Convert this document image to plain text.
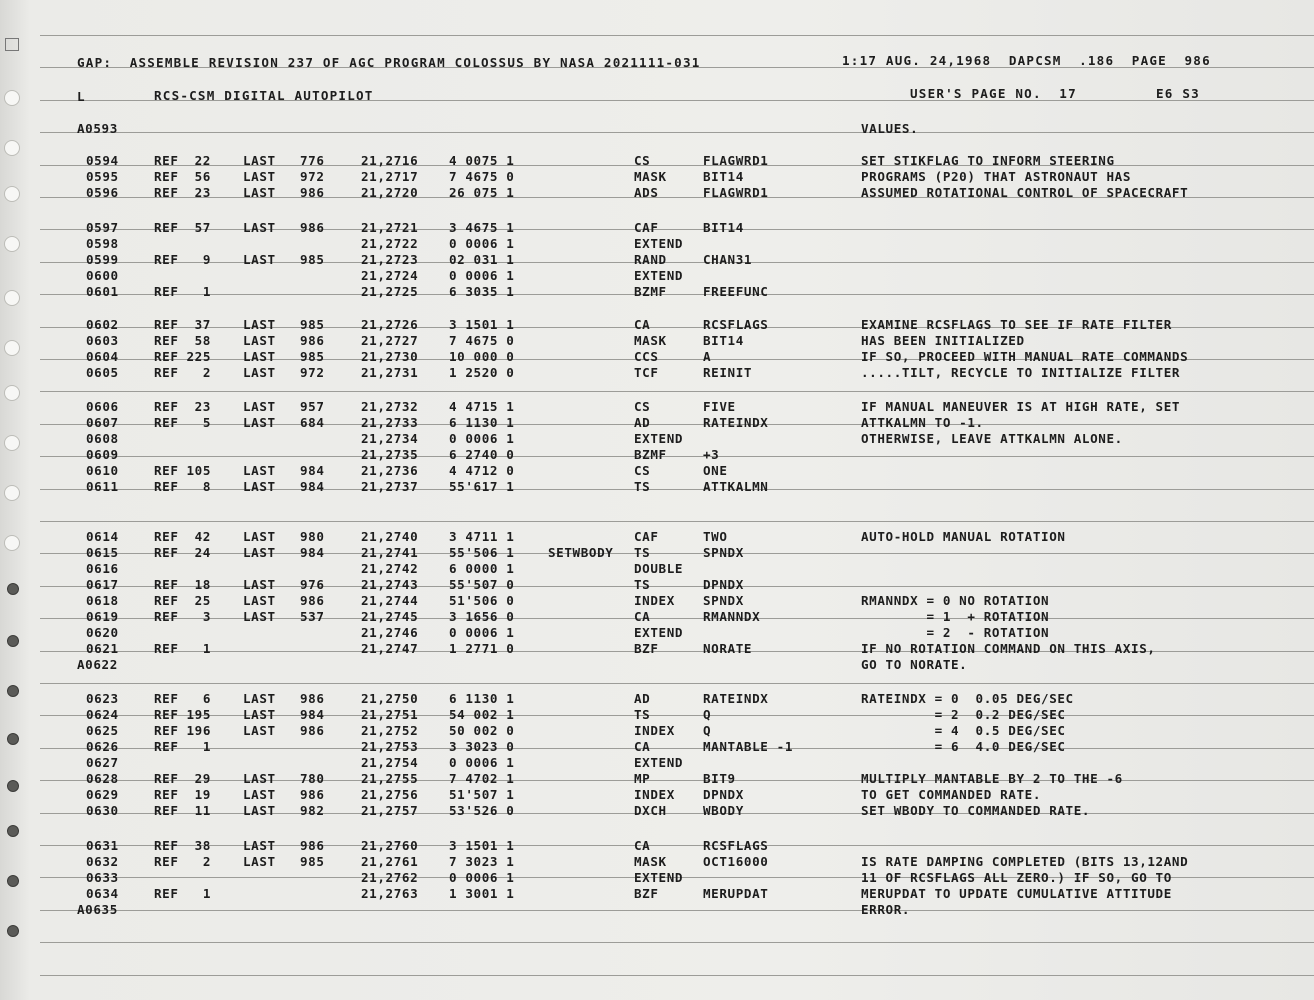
GAP:  ASSEMBLE REVISION 237 OF AGC PROGRAM COLOSSUS BY NASA 2021111-031	1:17 AUG. 24,1968  DAPCSM  .186  PAGE  986
L	RCS-CSM DIGITAL AUTOPILOT	USER'S PAGE NO.  17	E6 S3
A0593	VALUES.
0594	REF 22	LAST 776	21,2716 4 0075 1	CS	FLAGWRD1	SET STIKFLAG TO INFORM STEERING
0595	REF 56	LAST 972	21,2717 7 4675 0	MASK	BIT14	PROGRAMS (P20) THAT ASTRONAUT HAS
0596	REF 23	LAST 986	21,2720 26 075 1	ADS	FLAGWRD1	ASSUMED ROTATIONAL CONTROL OF SPACECRAFT
0597	REF 57	LAST 986	21,2721 3 4675 1	CAF	BIT14
0598	21,2722 0 0006 1	EXTEND
0599	REF 9	LAST 985	21,2723 02 031 1	RAND	CHAN31
0600	21,2724 0 0006 1	EXTEND
0601	REF 1	21,2725 6 3035 1	BZMF	FREEFUNC
0602	REF 37	LAST 985	21,2726 3 1501 1	CA	RCSFLAGS	EXAMINE RCSFLAGS TO SEE IF RATE FILTER
0603	REF 58	LAST 986	21,2727 7 4675 0	MASK	BIT14	HAS BEEN INITIALIZED
0604	REF 225	LAST 985	21,2730 10 000 0	CCS	A	IF SO, PROCEED WITH MANUAL RATE COMMANDS
0605	REF 2	LAST 972	21,2731 1 2520 0	TCF	REINIT	.....TILT, RECYCLE TO INITIALIZE FILTER
0606	REF 23	LAST 957	21,2732 4 4715 1	CS	FIVE	IF MANUAL MANEUVER IS AT HIGH RATE, SET
0607	REF 5	LAST 684	21,2733 6 1130 1	AD	RATEINDX	ATTKALMN TO -1.
0608	21,2734 0 0006 1	EXTEND	OTHERWISE, LEAVE ATTKALMN ALONE.
0609	21,2735 6 2740 0	BZMF	+3
0610	REF 105	LAST 984	21,2736 4 4712 0	CS	ONE
0611	REF 8	LAST 984	21,2737 55'617 1	TS	ATTKALMN
0614	REF 42	LAST 980	21,2740 3 4711 1	CAF	TWO	AUTO-HOLD MANUAL ROTATION
0615	REF 24	LAST 984	21,2741 55'506 1	SETWBODY TS	SPNDX
0616	21,2742 6 0000 1	DOUBLE
0617	REF 18	LAST 976	21,2743 55'507 0	TS	DPNDX
0618	REF 25	LAST 986	21,2744 51'506 0	INDEX SPNDX	RMANNDX = 0 NO ROTATION
0619	REF 3	LAST 537	21,2745 3 1656 0	CA	RMANNDX	= 1  + ROTATION
0620	21,2746 0 0006 1	EXTEND	= 2  - ROTATION
0621	REF 1	21,2747 1 2771 0	BZF	NORATE	IF NO ROTATION COMMAND ON THIS AXIS,
A0622	GO TO NORATE.
0623	REF 6	LAST 986	21,2750 6 1130 1	AD	RATEINDX	RATEINDX = 0  0.05 DEG/SEC
0624	REF 195	LAST 984	21,2751 54 002 1	TS	Q	= 2  0.2 DEG/SEC
0625	REF 196	LAST 986	21,2752 50 002 0	INDEX Q	= 4  0.5 DEG/SEC
0626	REF 1	21,2753 3 3023 0	CA	MANTABLE -1	= 6  4.0 DEG/SEC
0627	21,2754 0 0006 1	EXTEND
0628	REF 29	LAST 780	21,2755 7 4702 1	MP	BIT9	MULTIPLY MANTABLE BY 2 TO THE -6
0629	REF 19	LAST 986	21,2756 51'507 1	INDEX DPNDX	TO GET COMMANDED RATE.
0630	REF 11	LAST 982	21,2757 53'526 0	DXCH	WBODY	SET WBODY TO COMMANDED RATE.
0631	REF 38	LAST 986	21,2760 3 1501 1	CA	RCSFLAGS
0632	REF 2	LAST 985	21,2761 7 3023 1	MASK	OCT16000	IS RATE DAMPING COMPLETED (BITS 13,12AND
0633	21,2762 0 0006 1	EXTEND	11 OF RCSFLAGS ALL ZERO.) IF SO, GO TO
0634	REF 1	21,2763 1 3001 1	BZF	MERUPDAT	MERUPDAT TO UPDATE CUMULATIVE ATTITUDE
A0635	ERROR.
